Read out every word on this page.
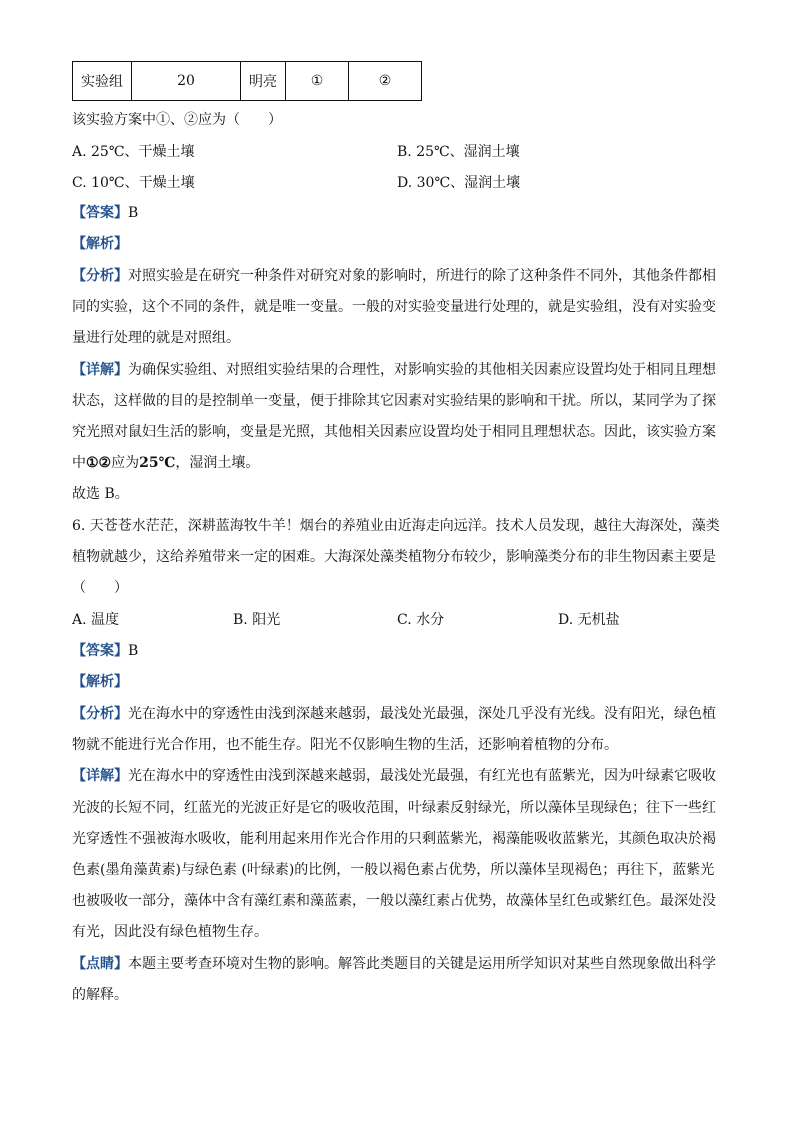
实验组	20	明亮	①	②
该实验方案中①、②应为（　　）
A. 25℃、干燥土壤	B. 25℃、湿润土壤
C. 10℃、干燥土壤	D. 30℃、湿润土壤
【答案】B
【解析】
【分析】对照实验是在研究一种条件对研究对象的影响时，所进行的除了这种条件不同外，其他条件都相
同的实验，这个不同的条件，就是唯一变量。一般的对实验变量进行处理的，就是实验组，没有对实验变
量进行处理的就是对照组。
【详解】为确保实验组、对照组实验结果的合理性，对影响实验的其他相关因素应设置均处于相同且理想
状态，这样做的目的是控制单一变量，便于排除其它因素对实验结果的影响和干扰。所以，某同学为了探
究光照对鼠妇生活的影响，变量是光照，其他相关因素应设置均处于相同且理想状态。因此，该实验方案
中①②应为25℃，湿润土壤。
故选 B。
6. 天苍苍水茫茫，深耕蓝海牧牛羊！烟台的养殖业由近海走向远洋。技术人员发现，越往大海深处，藻类
植物就越少，这给养殖带来一定的困难。大海深处藻类植物分布较少，影响藻类分布的非生物因素主要是
（　　）
A. 温度	B. 阳光	C. 水分	D. 无机盐
【答案】B
【解析】
【分析】光在海水中的穿透性由浅到深越来越弱，最浅处光最强，深处几乎没有光线。没有阳光，绿色植
物就不能进行光合作用，也不能生存。阳光不仅影响生物的生活，还影响着植物的分布。
【详解】光在海水中的穿透性由浅到深越来越弱，最浅处光最强，有红光也有蓝紫光，因为叶绿素它吸收
光波的长短不同，红蓝光的光波正好是它的吸收范围，叶绿素反射绿光，所以藻体呈现绿色；往下一些红
光穿透性不强被海水吸收，能利用起来用作光合作用的只剩蓝紫光，褐藻能吸收蓝紫光，其颜色取决於褐
色素(墨角藻黄素)与绿色素 (叶绿素)的比例，一般以褐色素占优势，所以藻体呈现褐色；再往下，蓝紫光
也被吸收一部分，藻体中含有藻红素和藻蓝素，一般以藻红素占优势，故藻体呈红色或紫红色。最深处没
有光，因此没有绿色植物生存。
【点睛】本题主要考查环境对生物的影响。解答此类题目的关键是运用所学知识对某些自然现象做出科学
的解释。
